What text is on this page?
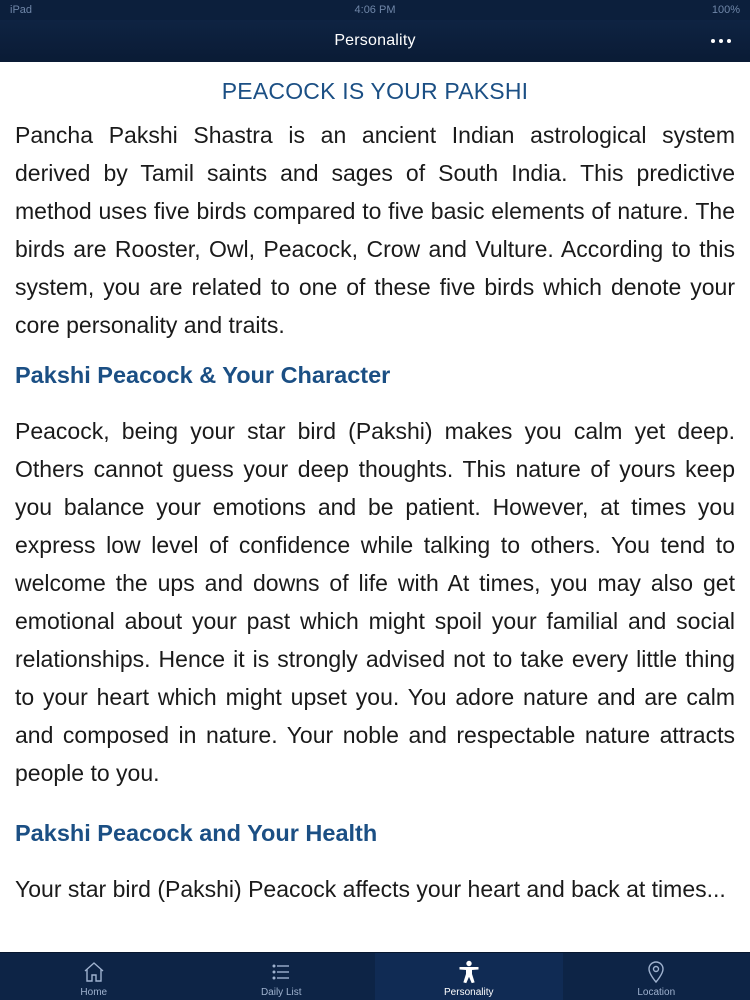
iPad	4:06 PM	100%
Personality
PEACOCK IS YOUR PAKSHI

Pancha Pakshi Shastra is an ancient Indian astrological system derived by Tamil saints and sages of South India. This predictive method uses five birds compared to five basic elements of nature. The birds are Rooster, Owl, Peacock, Crow and Vulture. According to this system, you are related to one of these five birds which denote your core personality and traits.

Pakshi Peacock & Your Character

Peacock, being your star bird (Pakshi) makes you calm yet deep. Others cannot guess your deep thoughts. This nature of yours keep you balance your emotions and be patient. However, at times you express low level of confidence while talking to others. You tend to welcome the ups and downs of life with At times, you may also get emotional about your past which might spoil your familial and social relationships. Hence it is strongly advised not to take every little thing to your heart which might upset you. You adore nature and are calm and composed in nature. Your noble and respectable nature attracts people to you.

Pakshi Peacock and Your Health

Your star bird (Pakshi) Peacock affects your heart and back at times...

Home	Daily List	Personality	Location
